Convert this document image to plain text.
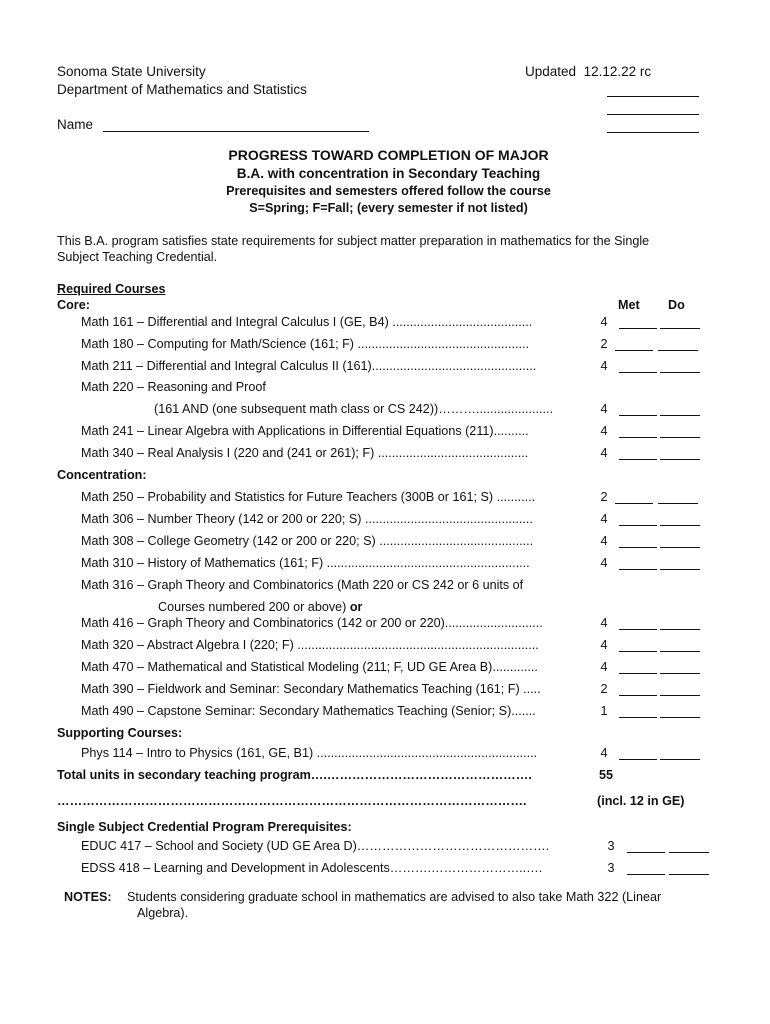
Sonoma State University
Department of Mathematics and Statistics
Updated 12.12.22 rc
Name
PROGRESS TOWARD COMPLETION OF MAJOR
B.A. with concentration in Secondary Teaching
Prerequisites and semesters offered follow the course
S=Spring; F=Fall; (every semester if not listed)
This B.A. program satisfies state requirements for subject matter preparation in mathematics for the Single
Subject Teaching Credential.
Required Courses
Core:	Met Do
Math 161 – Differential and Integral Calculus I (GE, B4) ........................................	4
Math 180 – Computing for Math/Science (161; F) .................................................	2
Math 211 – Differential and Integral Calculus II (161)...............................................	4
Math 220 – Reasoning and Proof
(161 AND (one subsequent math class or CS 242))………......................	4
Math 241 – Linear Algebra with Applications in Differential Equations (211)..........	4
Math 340 – Real Analysis I (220 and (241 or 261); F) ...........................................	4
Concentration:
Math 250 – Probability and Statistics for Future Teachers (300B or 161; S) ...........	2
Math 306 – Number Theory (142 or 200 or 220; S) ................................................	4
Math 308 – College Geometry (142 or 200 or 220; S) ............................................	4
Math 310 – History of Mathematics (161; F) ..........................................................	4
Math 316 – Graph Theory and Combinatorics (Math 220 or CS 242 or 6 units of
Courses numbered 200 or above) or
Math 416 – Graph Theory and Combinatorics (142 or 200 or 220)............................	4
Math 320 – Abstract Algebra I (220; F) .....................................................................	4
Math 470 – Mathematical and Statistical Modeling (211; F, UD GE Area B).............	4
Math 390 – Fieldwork and Seminar: Secondary Mathematics Teaching (161; F) .....	2
Math 490 – Capstone Seminar: Secondary Mathematics Teaching (Senior; S).......	1
Supporting Courses:
Phys 114 – Intro to Physics (161, GE, B1) ...............................................................	4
Total units in secondary teaching program….………………………………………….	55
………………………………………………………………………………………………….	(incl. 12 in GE)
Single Subject Credential Program Prerequisites:
EDUC 417 – School and Society (UD GE Area D)……………………………………….	3
EDSS 418 – Learning and Development in Adolescents……….…………………..….	3
NOTES: Students considering graduate school in mathematics are advised to also take Math 322 (Linear
Algebra).
